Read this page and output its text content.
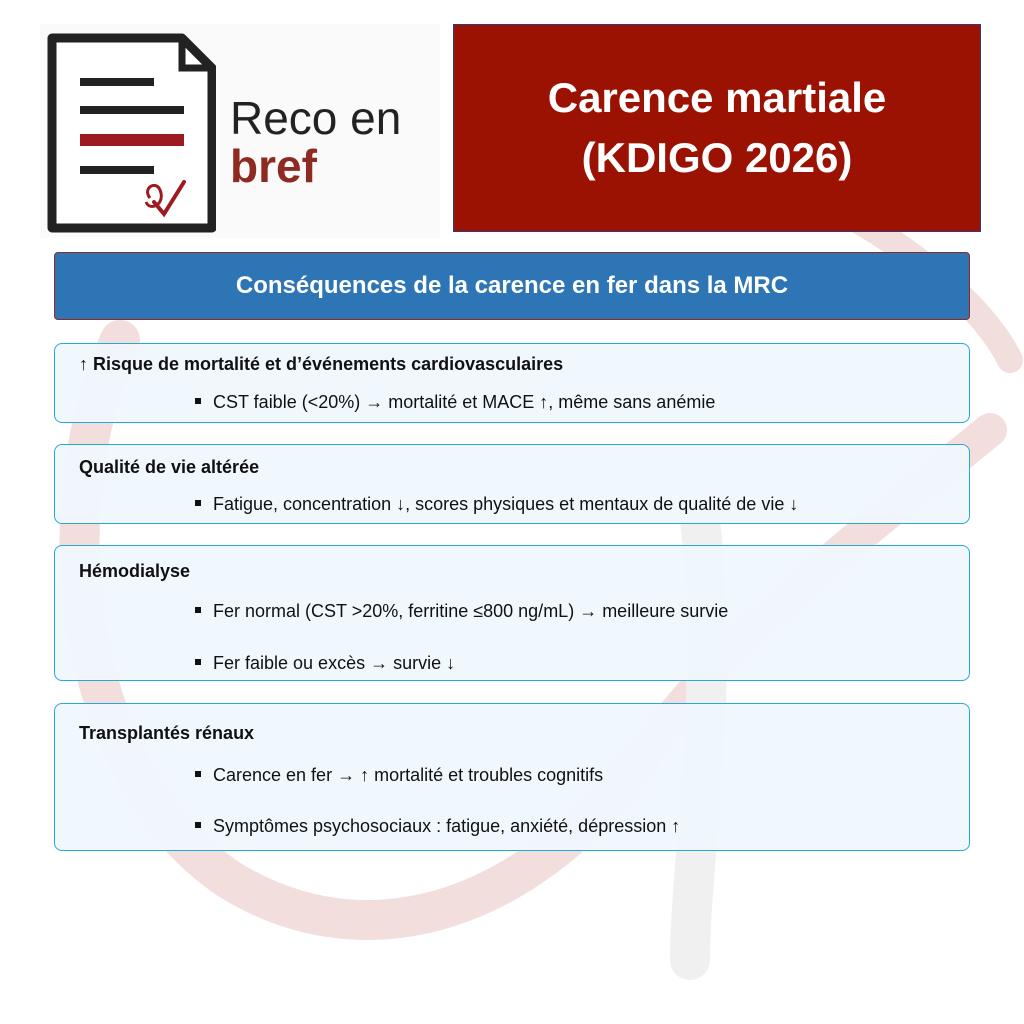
Reco en
bref
Carence martiale
(KDIGO 2026)
Conséquences de la carence en fer dans la MRC
↑ Risque de mortalité et d’événements cardiovasculaires
CST faible (<20%) → mortalité et MACE ↑, même sans anémie
Qualité de vie altérée
Fatigue, concentration ↓, scores physiques et mentaux de qualité de vie ↓
Hémodialyse
Fer normal (CST >20%, ferritine ≤800 ng/mL) → meilleure survie
Fer faible ou excès → survie ↓
Transplantés rénaux
Carence en fer → ↑ mortalité et troubles cognitifs
Symptômes psychosociaux : fatigue, anxiété, dépression ↑
